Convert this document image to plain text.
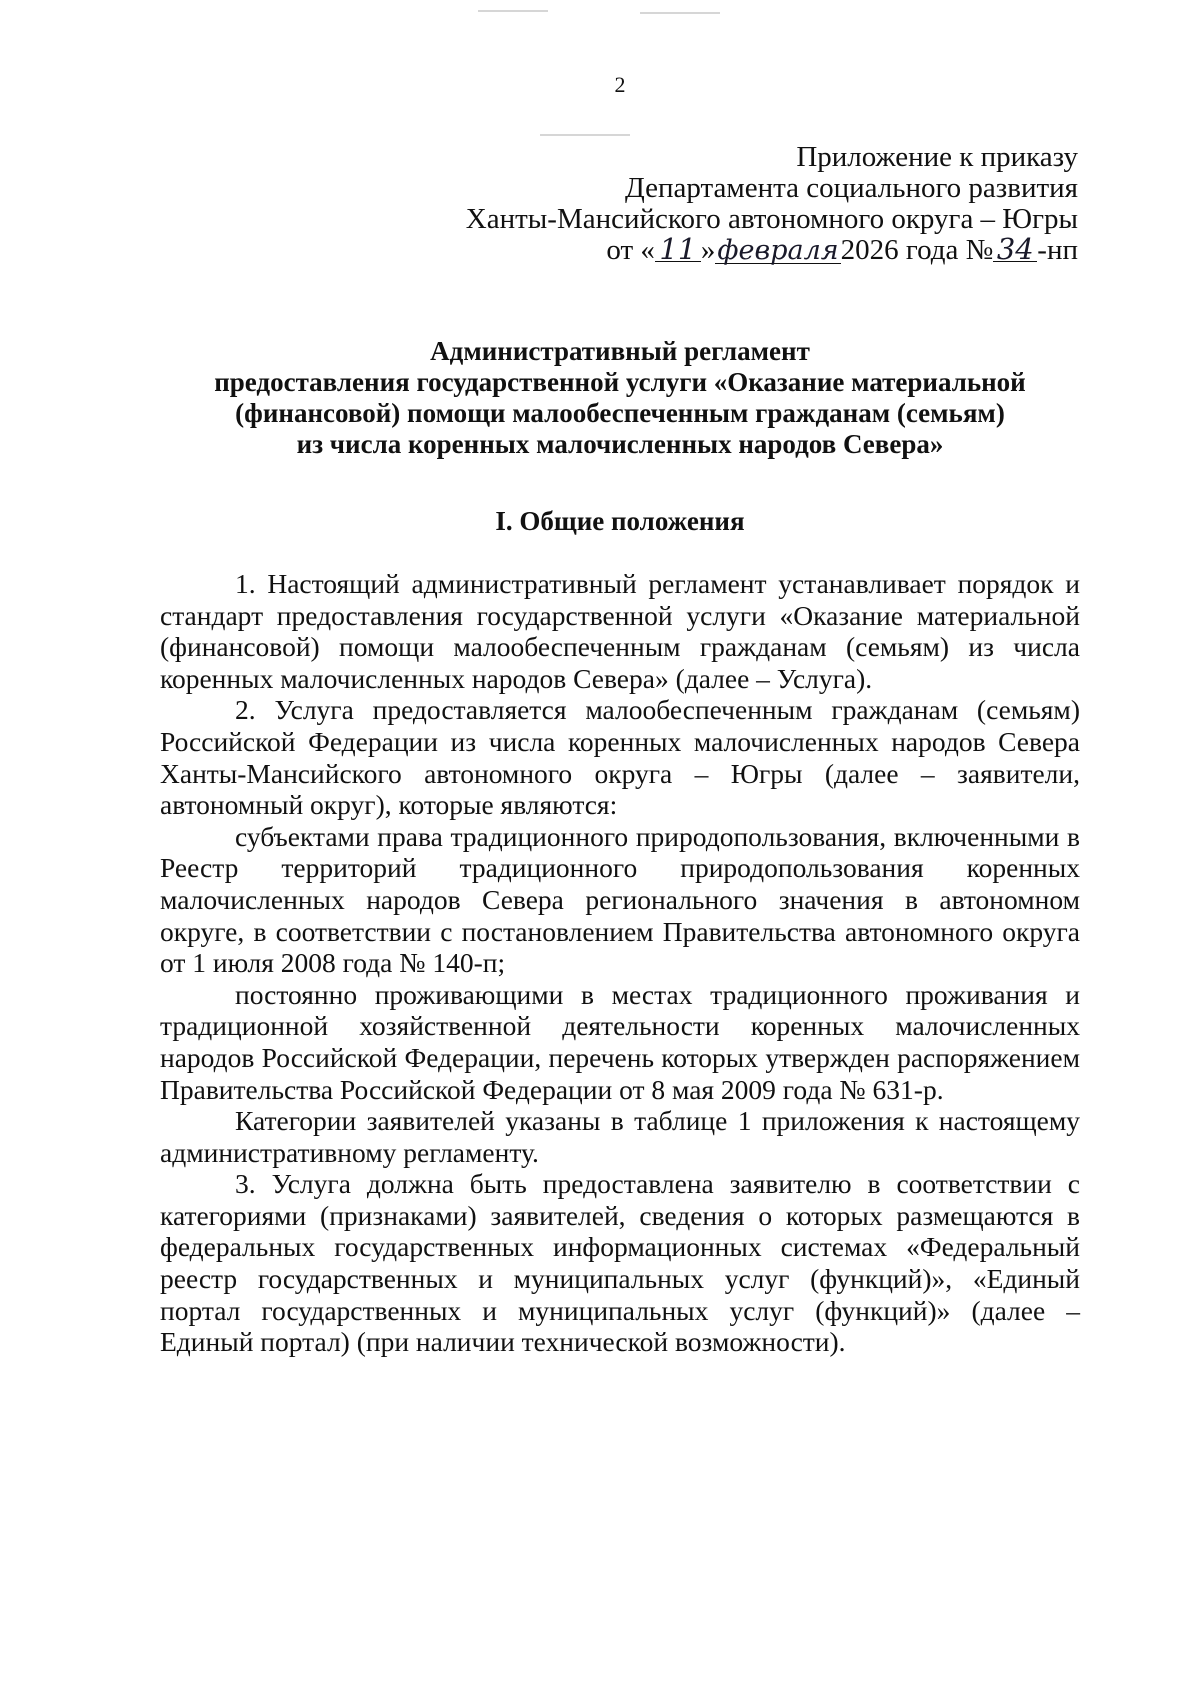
2
Приложение к приказу
Департамента социального развития
Ханты-Мансийского автономного округа – Югры
от « 11 »февраля2026 года № 34 -нп
Административный регламент
предоставления государственной услуги «Оказание материальной
(финансовой) помощи малообеспеченным гражданам (семьям)
из числа коренных малочисленных народов Севера»
I. Общие положения

1. Настоящий административный регламент устанавливает порядок и стандарт предоставления государственной услуги «Оказание материальной (финансовой) помощи малообеспеченным гражданам (семьям) из числа коренных малочисленных народов Севера» (далее – Услуга).

2. Услуга предоставляется малообеспеченным гражданам (семьям) Российской Федерации из числа коренных малочисленных народов Севера Ханты-Мансийского автономного округа – Югры (далее – заявители, автономный округ), которые являются:

субъектами права традиционного природопользования, включенными в Реестр территорий традиционного природопользования коренных малочисленных народов Севера регионального значения в автономном округе, в соответствии с постановлением Правительства автономного округа от 1 июля 2008 года № 140-п;

постоянно проживающими в местах традиционного проживания и традиционной хозяйственной деятельности коренных малочисленных народов Российской Федерации, перечень которых утвержден распоряжением Правительства Российской Федерации от 8 мая 2009 года № 631-р.

Категории заявителей указаны в таблице 1 приложения к настоящему административному регламенту.

3. Услуга должна быть предоставлена заявителю в соответствии с категориями (признаками) заявителей, сведения о которых размещаются в федеральных государственных информационных системах «Федеральный реестр государственных и муниципальных услуг (функций)», «Единый портал государственных и муниципальных услуг (функций)» (далее – Единый портал) (при наличии технической возможности).
